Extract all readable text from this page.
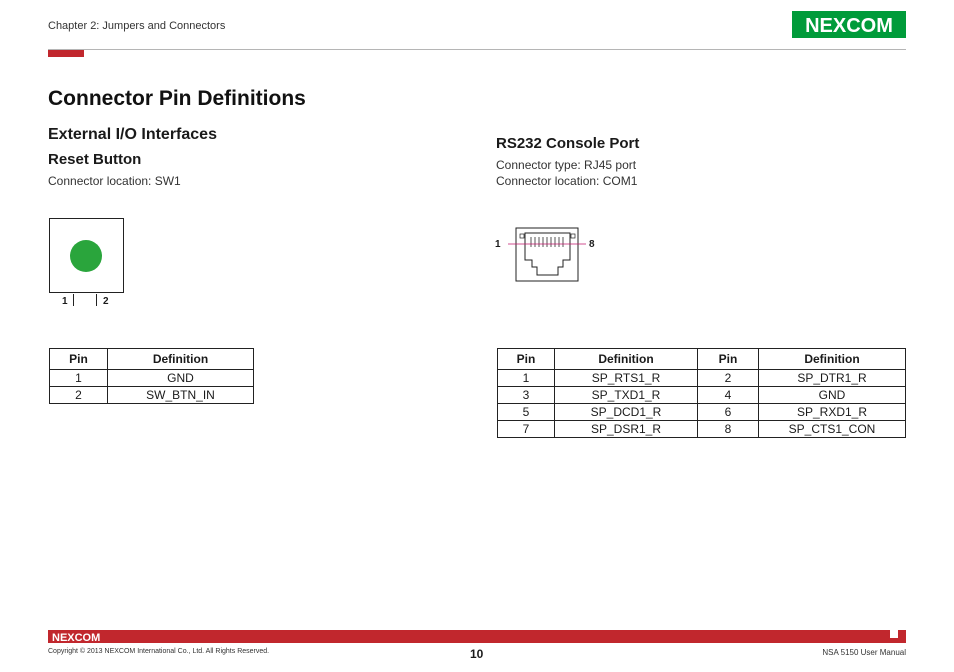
Chapter 2: Jumpers and Connectors	NEXCOM
Connector Pin Definitions
External I/O Interfaces
Reset Button
Connector location: SW1
RS232 Console Port
Connector type: RJ45 port
Connector location: COM1
1	2
1	8
Pin	Definition
1	GND
2	SW_BTN_IN
Pin	Definition	Pin	Definition
1	SP_RTS1_R	2	SP_DTR1_R
3	SP_TXD1_R	4	GND
5	SP_DCD1_R	6	SP_RXD1_R
7	SP_DSR1_R	8	SP_CTS1_CON
NEXCOM
Copyright © 2013 NEXCOM International Co., Ltd. All Rights Reserved.	10	NSA 5150 User Manual
